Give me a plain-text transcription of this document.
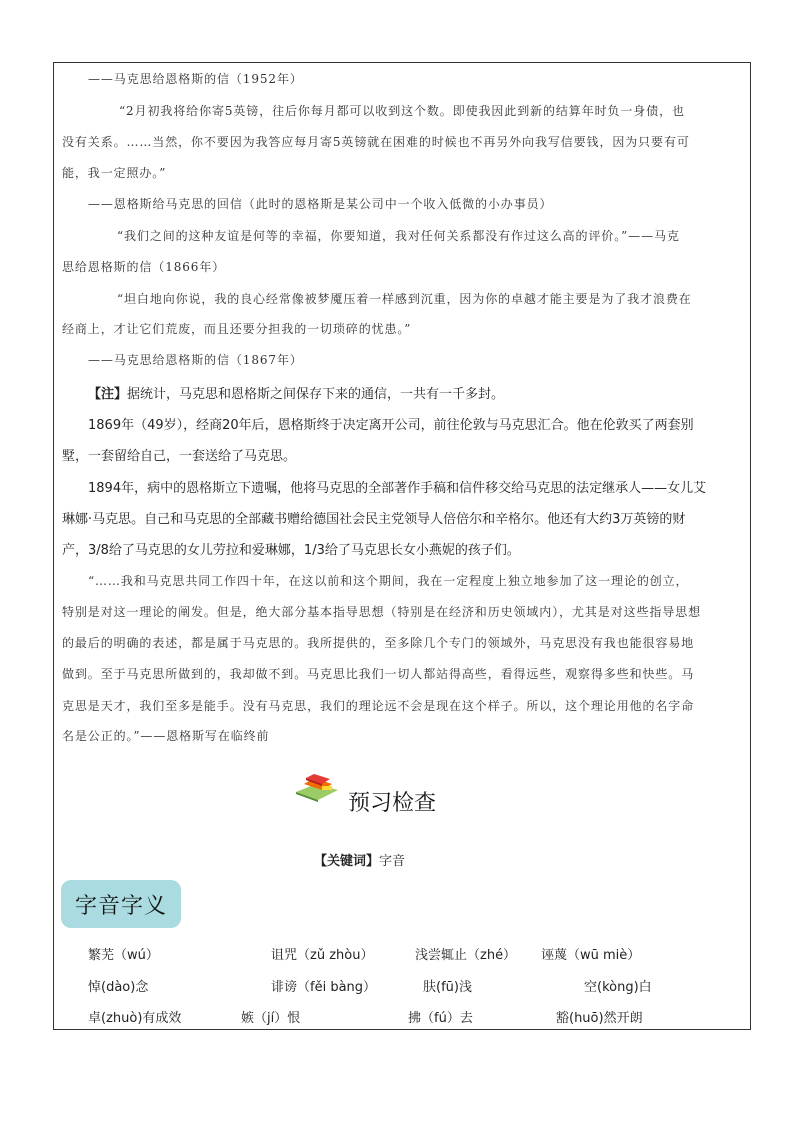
——马克思给恩格斯的信（1952年）
“2月初我将给你寄5英镑，往后你每月都可以收到这个数。即使我因此到新的结算年时负一身债，也
没有关系。……当然，你不要因为我答应每月寄5英镑就在困难的时候也不再另外向我写信要钱，因为只要有可
能，我一定照办。”
——恩格斯给马克思的回信（此时的恩格斯是某公司中一个收入低微的小办事员）
“我们之间的这种友谊是何等的幸福，你要知道，我对任何关系都没有作过这么高的评价。”——马克
思给恩格斯的信（1866年）
“坦白地向你说，我的良心经常像被梦魇压着一样感到沉重，因为你的卓越才能主要是为了我才浪费在
经商上，才让它们荒废，而且还要分担我的一切琐碎的忧患。”
——马克思给恩格斯的信（1867年）
【注】据统计，马克思和恩格斯之间保存下来的通信，一共有一千多封。
1869年（49岁），经商20年后，恩格斯终于决定离开公司，前往伦敦与马克思汇合。他在伦敦买了两套别
墅，一套留给自己，一套送给了马克思。
1894年，病中的恩格斯立下遗嘱，他将马克思的全部著作手稿和信件移交给马克思的法定继承人——女儿艾
琳娜·马克思。自己和马克思的全部藏书赠给德国社会民主党领导人倍倍尔和辛格尔。他还有大约3万英镑的财
产，3/8给了马克思的女儿劳拉和爱琳娜，1/3给了马克思长女小燕妮的孩子们。
“……我和马克思共同工作四十年，在这以前和这个期间，我在一定程度上独立地参加了这一理论的创立，
特别是对这一理论的阐发。但是，绝大部分基本指导思想（特别是在经济和历史领域内），尤其是对这些指导思想
的最后的明确的表述，都是属于马克思的。我所提供的，至多除几个专门的领域外，马克思没有我也能很容易地
做到。至于马克思所做到的，我却做不到。马克思比我们一切人都站得高些，看得远些，观察得多些和快些。马
克思是天才，我们至多是能手。没有马克思，我们的理论远不会是现在这个样子。所以，这个理论用他的名字命
名是公正的。”——恩格斯写在临终前
预习检查
【关键词】字音
字音字义
繁芜（wú）	诅咒（zǔ zhòu）	浅尝辄止（zhé） 诬蔑（wū miè）
悼(dào)念	诽谤（fěi bàng）	肤(fū)浅	空(kòng)白
卓(zhuò)有成效	嫉（jí）恨	拂（fú）去	豁(huō)然开朗
